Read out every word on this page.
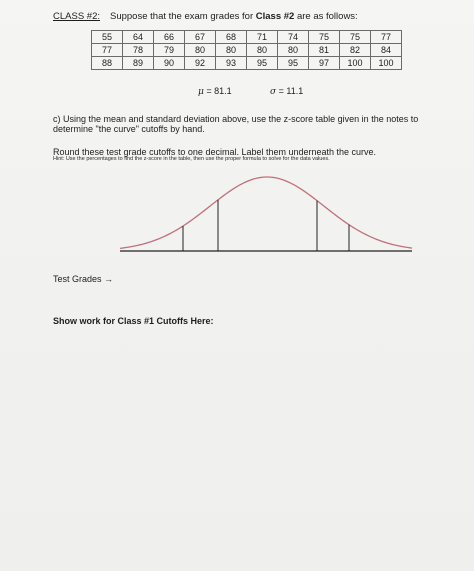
CLASS #2: Suppose that the exam grades for Class #2 are as follows:
55	64	66	67	68	71	74	75	75	77
77	78	79	80	80	80	80	81	82	84
88	89	90	92	93	95	95	97	100	100
μ = 81.1	σ = 11.1
c) Using the mean and standard deviation above, use the z-score table given in the notes to determine "the curve" cutoffs by hand.
Round these test grade cutoffs to one decimal. Label them underneath the curve.
Hint: Use the percentages to find the z-score in the table, then use the proper formula to solve for the data values.
Test Grades →
Show work for Class #1 Cutoffs Here:
